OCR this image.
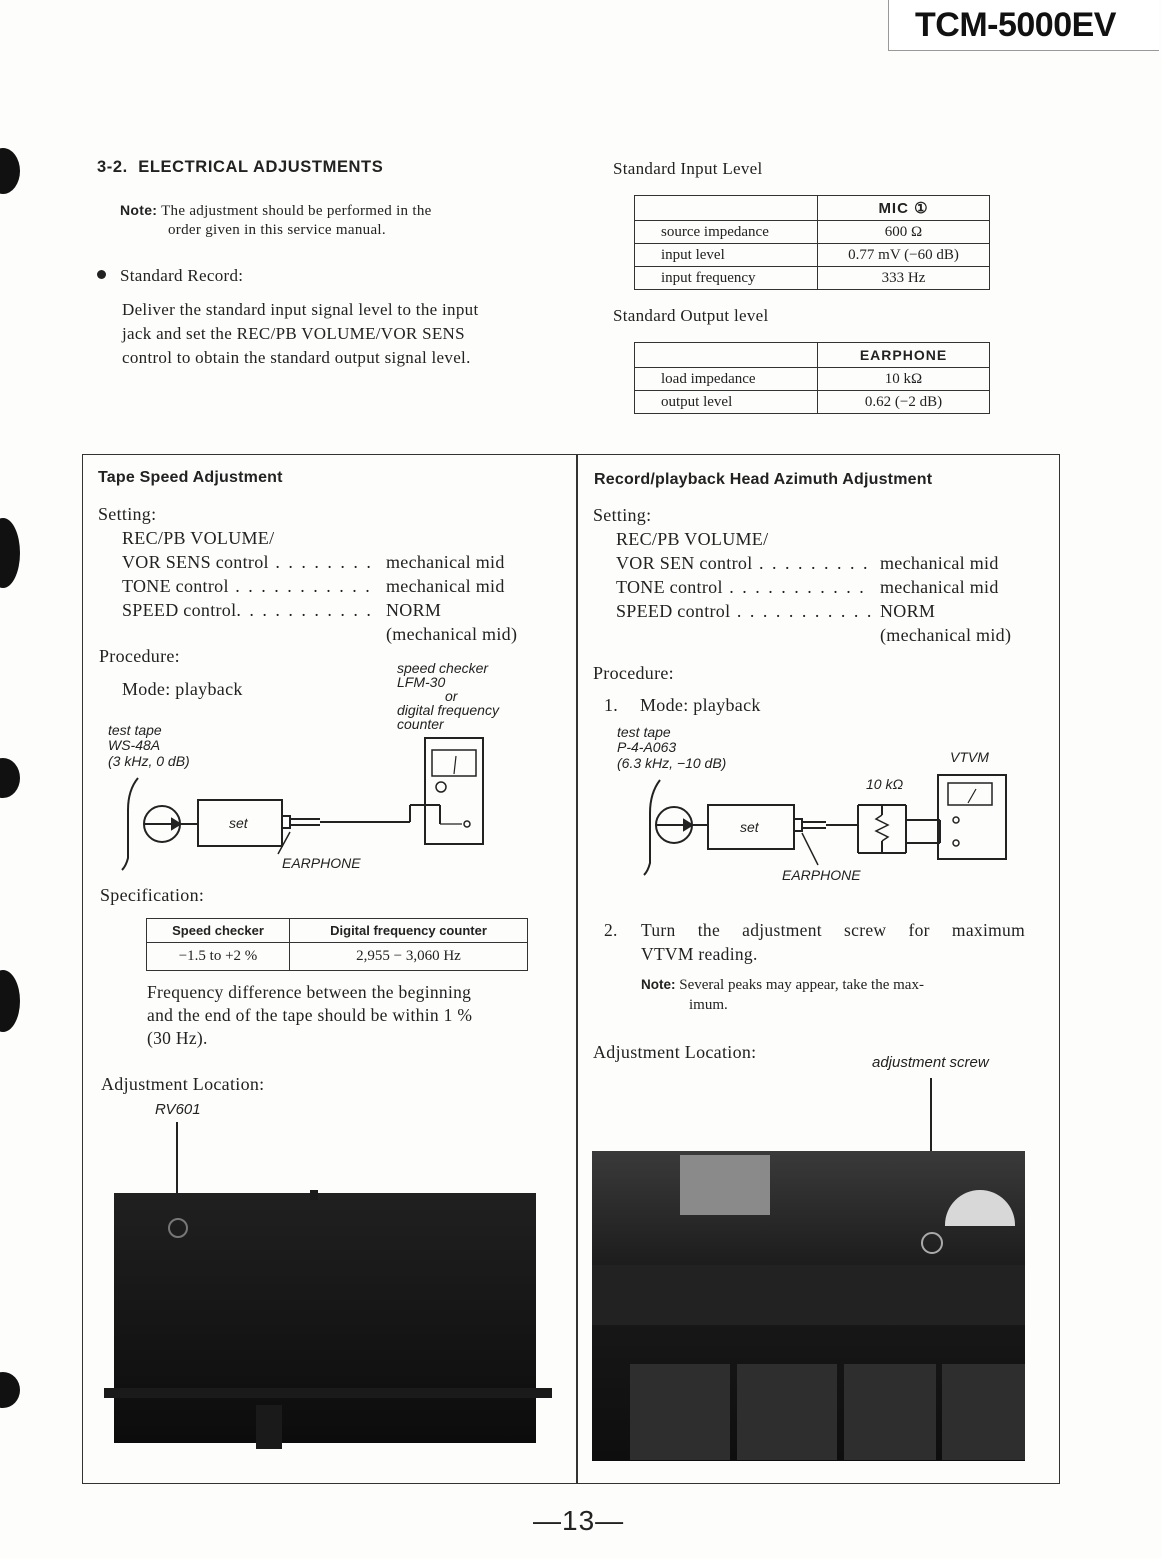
TCM-5000EV
3-2. ELECTRICAL ADJUSTMENTS
Note: The adjustment should be performed in the
order given in this service manual.
Standard Record:
Deliver the standard input signal level to the input
jack and set the REC/PB VOLUME/VOR SENS
control to obtain the standard output signal level.
Standard Input Level
	MIC ①
source impedance	600 Ω
input level	0.77 mV (−60 dB)
input frequency	333 Hz
Standard Output level
	EARPHONE
load impedance	10 kΩ
output level	0.62 (−2 dB)
Tape Speed Adjustment
Setting:
REC/PB VOLUME/
VOR SENS control . . . . . . . . mechanical mid
TONE control . . . . . . . . . . . mechanical mid
SPEED control. . . . . . . . . . . NORM
(mechanical mid)
Procedure:
Mode: playback
speed checker
LFM-30
or
digital frequency
counter
test tape
WS-48A
(3 kHz, 0 dB)
set
EARPHONE
Specification:
Speed checker	Digital frequency counter
−1.5 to +2 %	2,955 − 3,060 Hz
Frequency difference between the beginning
and the end of the tape should be within 1 %
(30 Hz).
Adjustment Location:
RV601
Record/playback Head Azimuth Adjustment
Setting:
REC/PB VOLUME/
VOR SEN control . . . . . . . . . mechanical mid
TONE control . . . . . . . . . . . mechanical mid
SPEED control . . . . . . . . . . . NORM
(mechanical mid)
Procedure:
1. Mode: playback
test tape
P-4-A063
(6.3 kHz, −10 dB)	VTVM
10 kΩ
set
EARPHONE
2. Turn the adjustment screw for maximum
VTVM reading.
Note: Several peaks may appear, take the max-
imum.
Adjustment Location:
adjustment screw
—13—
